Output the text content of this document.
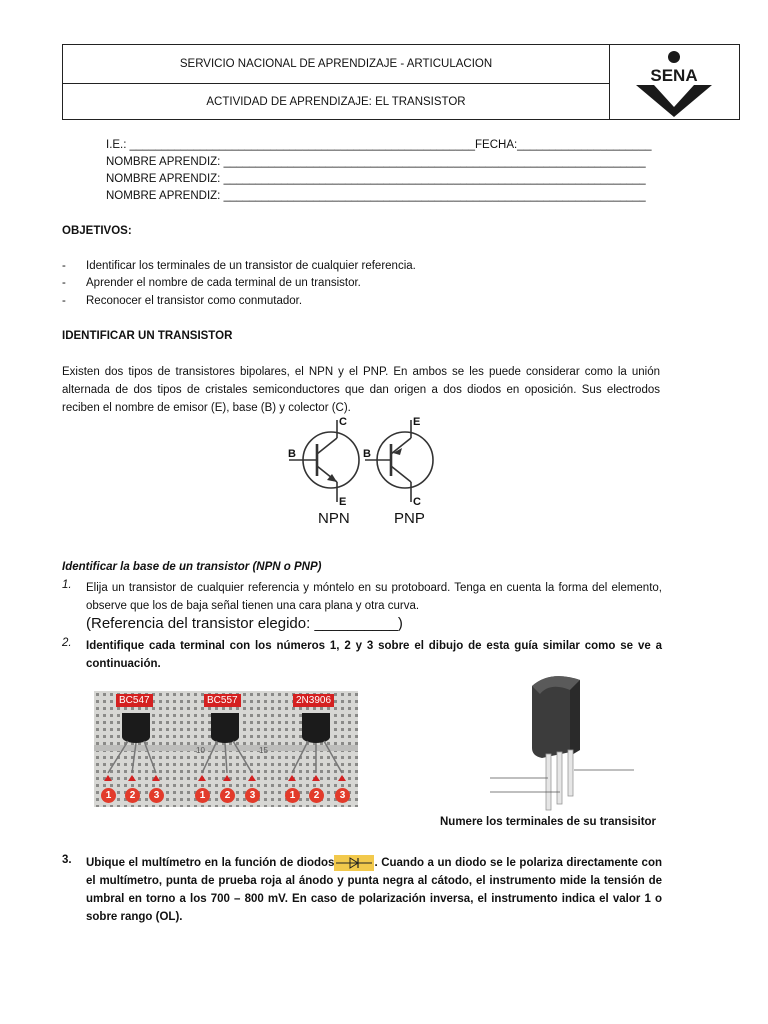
SERVICIO NACIONAL DE APRENDIZAJE - ARTICULACION
ACTIVIDAD DE APRENDIZAJE: EL TRANSISTOR
SENA
I.E.: ______________________________________________________FECHA:_____________________
NOMBRE APRENDIZ: __________________________________________________________________
NOMBRE APRENDIZ: __________________________________________________________________
NOMBRE APRENDIZ: __________________________________________________________________
OBJETIVOS:
-	Identificar los terminales de un transistor de cualquier referencia.
-	Aprender el nombre de cada terminal de un transistor.
-	Reconocer el transistor como conmutador.
IDENTIFICAR UN TRANSISTOR
Existen dos tipos de transistores bipolares, el NPN y el PNP. En ambos se les puede considerar como la unión alternada de dos tipos de cristales semiconductores que dan origen a dos diodos en oposición. Sus electrodos reciben el nombre de emisor (E), base (B) y colector (C).
C
B
E
E
B
C
NPN	PNP
Identificar la base de un transistor (NPN o PNP)
1. Elija un transistor de cualquier referencia y móntelo en su protoboard. Tenga en cuenta la forma del elemento, observe que los de baja señal tienen una cara plana y otra curva.
(Referencia del transistor elegido: __________)
2. Identifique cada terminal con los números 1, 2 y 3 sobre el dibujo de esta guía similar como se ve a continuación.
BC547	BC557	2N3906
10	15
1	2	3	1	2	3	1	2	3
Numere los terminales de su transisitor
3. Ubique el multímetro en la función de diodos	. Cuando a un diodo se le polariza directamente con el multímetro, punta de prueba roja al ánodo y punta negra al cátodo, el instrumento mide la tensión de umbral en torno a los 700 – 800 mV. En caso de polarización inversa, el instrumento indica el valor 1 o sobre rango (OL).
